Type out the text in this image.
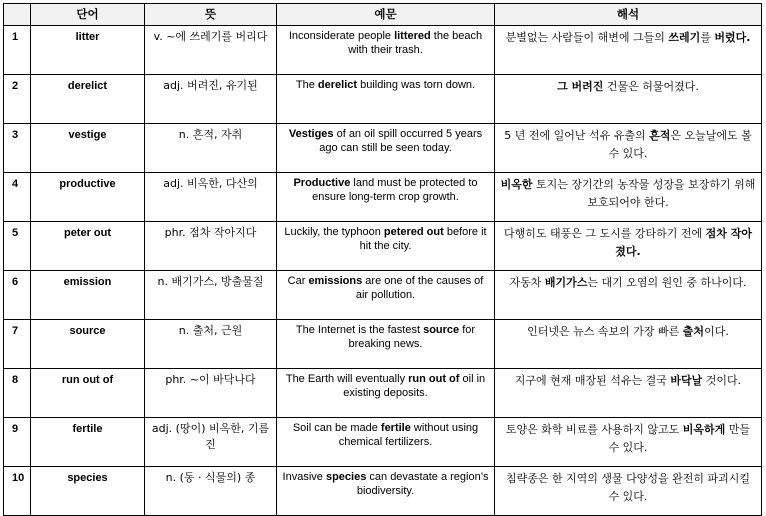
	단어	뜻	예문	해석
1	litter	v. ~에 쓰레기를 버리다	Inconsiderate people littered the beach with their trash.	분별없는 사람들이 해변에 그들의 쓰레기를 버렸다.
2	derelict	adj. 버려진, 유기된	The derelict building was torn down.	그 버려진 건물은 허물어졌다.
3	vestige	n. 흔적, 자취	Vestiges of an oil spill occurred 5 years ago can still be seen today.	5 년 전에 일어난 석유 유출의 흔적은 오늘날에도 볼 수 있다.
4	productive	adj. 비옥한, 다산의	Productive land must be protected to ensure long-term crop growth.	비옥한 토지는 장기간의 농작물 성장을 보장하기 위해 보호되어야 한다.
5	peter out	phr. 점차 작아지다	Luckily, the typhoon petered out before it hit the city.	다행히도 태풍은 그 도시를 강타하기 전에 점차 작아졌다.
6	emission	n. 배기가스, 방출물질	Car emissions are one of the causes of air pollution.	자동차 배기가스는 대기 오염의 원인 중 하나이다.
7	source	n. 출처, 근원	The Internet is the fastest source for breaking news.	인터넷은 뉴스 속보의 가장 빠른 출처이다.
8	run out of	phr. ~이 바닥나다	The Earth will eventually run out of oil in existing deposits.	지구에 현재 매장된 석유는 결국 바닥날 것이다.
9	fertile	adj. (땅이) 비옥한, 기름진	Soil can be made fertile without using chemical fertilizers.	토양은 화학 비료를 사용하지 않고도 비옥하게 만들 수 있다.
10	species	n. (동 · 식물의) 종	Invasive species can devastate a region’s biodiversity.	침략종은 한 지역의 생물 다양성을 완전히 파괴시킬 수 있다.
